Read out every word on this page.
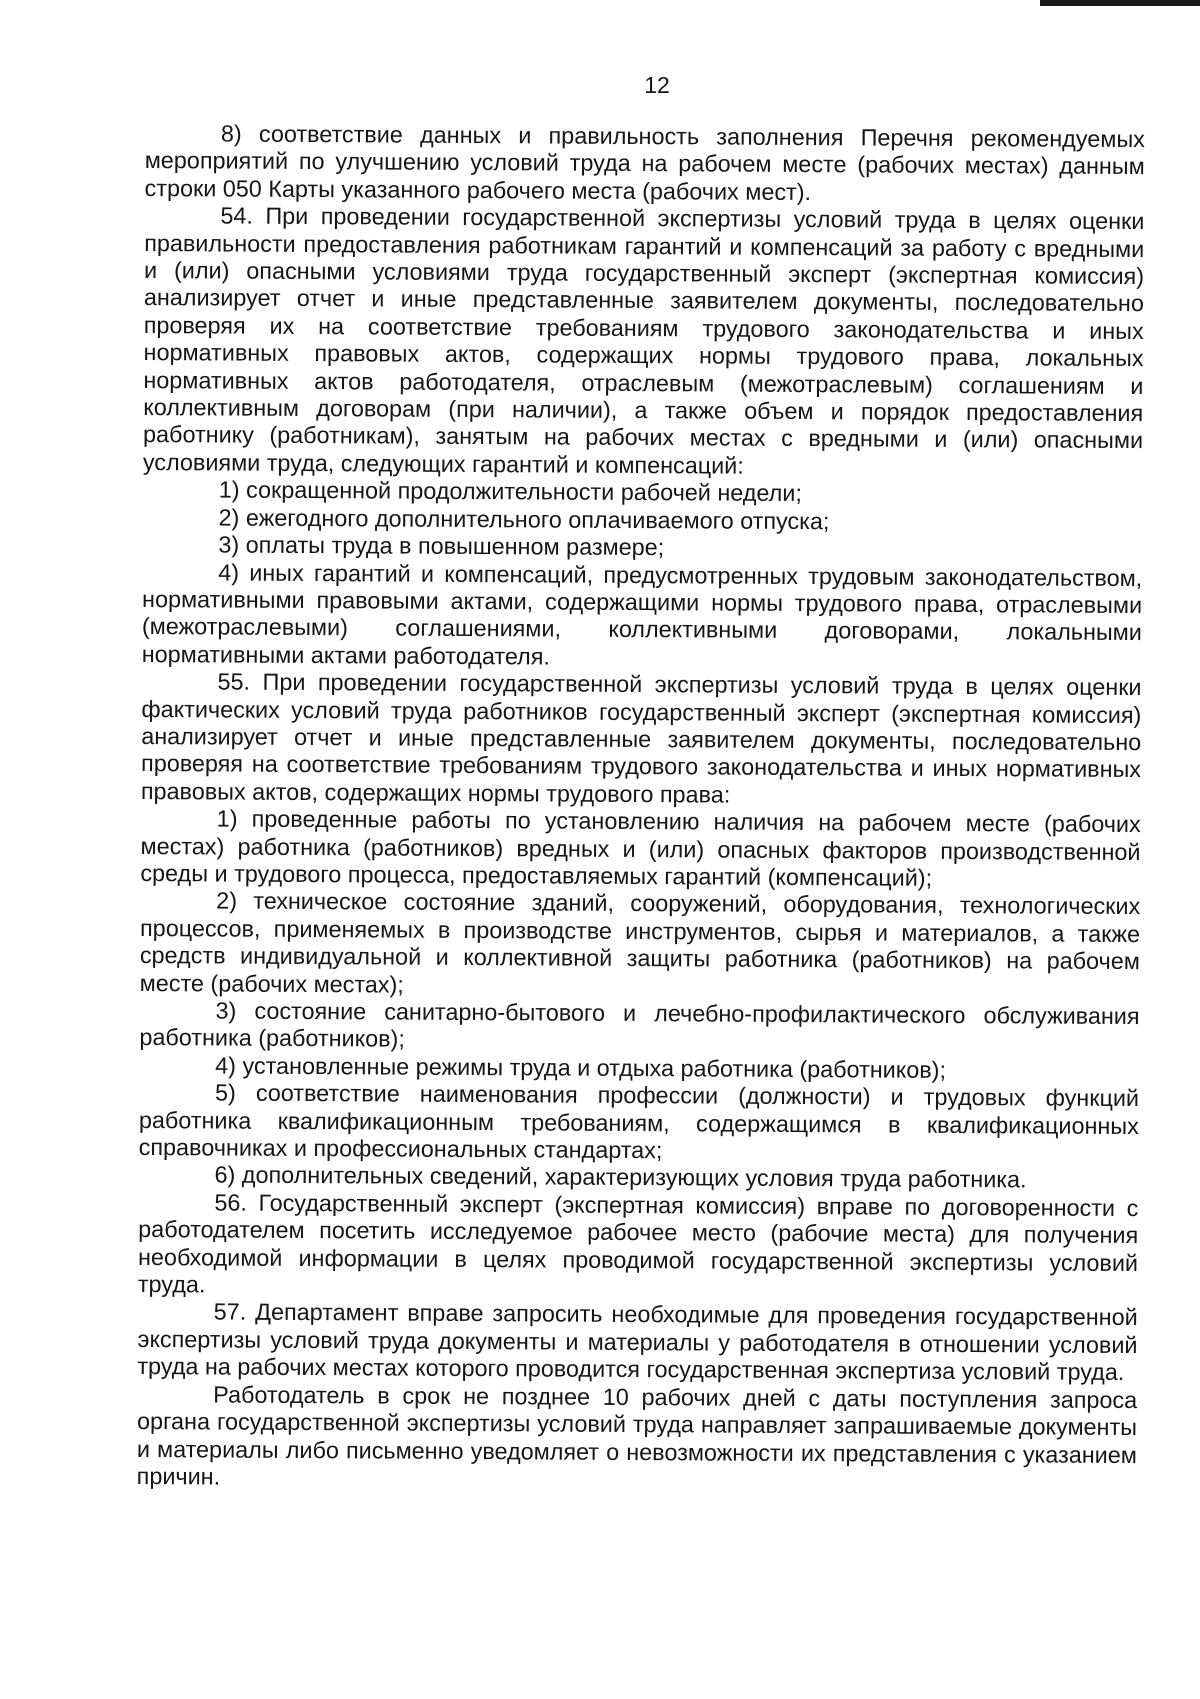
12

8) соответствие данных и правильность заполнения Перечня рекомендуемых мероприятий по улучшению условий труда на рабочем месте (рабочих местах) данным строки 050 Карты указанного рабочего места (рабочих мест).

54. При проведении государственной экспертизы условий труда в целях оценки правильности предоставления работникам гарантий и компенсаций за работу с вредными и (или) опасными условиями труда государственный эксперт (экспертная комиссия) анализирует отчет и иные представленные заявителем документы, последовательно проверяя их на соответствие требованиям трудового законодательства и иных нормативных правовых актов, содержащих нормы трудового права, локальных нормативных актов работодателя, отраслевым (межотраслевым) соглашениям и коллективным договорам (при наличии), а также объем и порядок предоставления работнику (работникам), занятым на рабочих местах с вредными и (или) опасными условиями труда, следующих гарантий и компенсаций:

1) сокращенной продолжительности рабочей недели;

2) ежегодного дополнительного оплачиваемого отпуска;

3) оплаты труда в повышенном размере;

4) иных гарантий и компенсаций, предусмотренных трудовым законодательством, нормативными правовыми актами, содержащими нормы трудового права, отраслевыми (межотраслевыми) соглашениями, коллективными договорами, локальными нормативными актами работодателя.

55. При проведении государственной экспертизы условий труда в целях оценки фактических условий труда работников государственный эксперт (экспертная комиссия) анализирует отчет и иные представленные заявителем документы, последовательно проверяя на соответствие требованиям трудового законодательства и иных нормативных правовых актов, содержащих нормы трудового права:

1) проведенные работы по установлению наличия на рабочем месте (рабочих местах) работника (работников) вредных и (или) опасных факторов производственной среды и трудового процесса, предоставляемых гарантий (компенсаций);

2) техническое состояние зданий, сооружений, оборудования, технологических процессов, применяемых в производстве инструментов, сырья и материалов, а также средств индивидуальной и коллективной защиты работника (работников) на рабочем месте (рабочих местах);

3) состояние санитарно-бытового и лечебно-профилактического обслуживания работника (работников);

4) установленные режимы труда и отдыха работника (работников);

5) соответствие наименования профессии (должности) и трудовых функций работника квалификационным требованиям, содержащимся в квалификационных справочниках и профессиональных стандартах;

6) дополнительных сведений, характеризующих условия труда работника.

56. Государственный эксперт (экспертная комиссия) вправе по договоренности с работодателем посетить исследуемое рабочее место (рабочие места) для получения необходимой информации в целях проводимой государственной экспертизы условий труда.

57. Департамент вправе запросить необходимые для проведения государственной экспертизы условий труда документы и материалы у работодателя в отношении условий труда на рабочих местах которого проводится государственная экспертиза условий труда.

Работодатель в срок не позднее 10 рабочих дней с даты поступления запроса органа государственной экспертизы условий труда направляет запрашиваемые документы и материалы либо письменно уведомляет о невозможности их представления с указанием причин.
